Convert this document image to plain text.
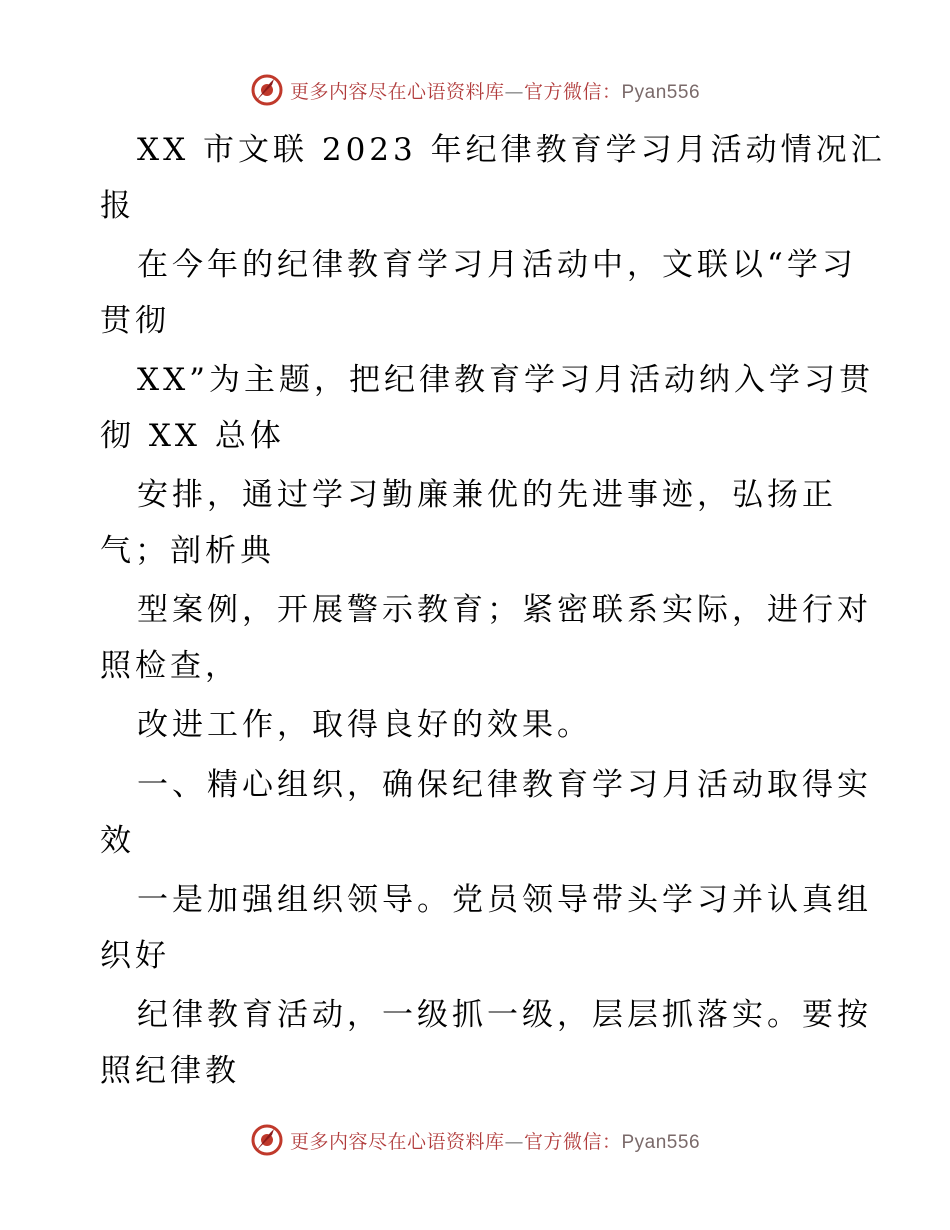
更多内容尽在心语资料库—官方微信：Pyan556
XX 市文联 2023 年纪律教育学习月活动情况汇
报
在今年的纪律教育学习月活动中，文联以“学习
贯彻
XX”为主题，把纪律教育学习月活动纳入学习贯
彻 XX 总体
安排，通过学习勤廉兼优的先进事迹，弘扬正
气；剖析典
型案例，开展警示教育；紧密联系实际，进行对
照检查，
改进工作，取得良好的效果。
一、精心组织，确保纪律教育学习月活动取得实
效
一是加强组织领导。党员领导带头学习并认真组
织好
纪律教育活动，一级抓一级，层层抓落实。要按
照纪律教
更多内容尽在心语资料库—官方微信：Pyan556
